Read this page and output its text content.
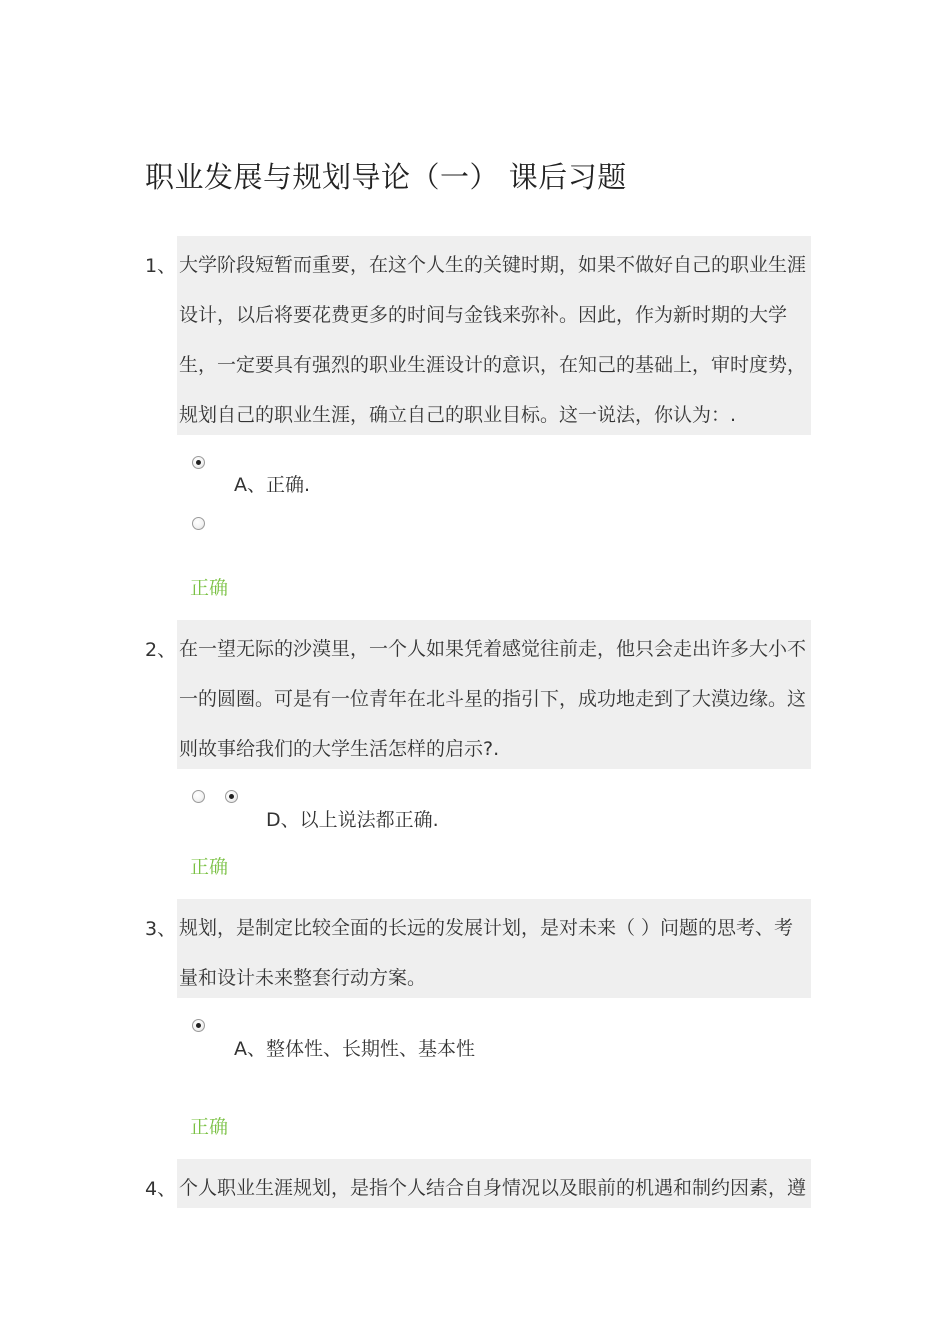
职业发展与规划导论（一） 课后习题
1、 大学阶段短暂而重要，在这个人生的关键时期，如果不做好自己的职业生涯
设计，以后将要花费更多的时间与金钱来弥补。因此，作为新时期的大学
生，一定要具有强烈的职业生涯设计的意识，在知己的基础上，审时度势，
规划自己的职业生涯，确立自己的职业目标。这一说法，你认为：.
A、正确.
正确
2、 在一望无际的沙漠里，一个人如果凭着感觉往前走，他只会走出许多大小不
一的圆圈。可是有一位青年在北斗星的指引下，成功地走到了大漠边缘。这
则故事给我们的大学生活怎样的启示?.
D、以上说法都正确.
正确
3、 规划，是制定比较全面的长远的发展计划，是对未来（ ）问题的思考、考
量和设计未来整套行动方案。
A、整体性、长期性、基本性
正确
4、 个人职业生涯规划，是指个人结合自身情况以及眼前的机遇和制约因素，遵
